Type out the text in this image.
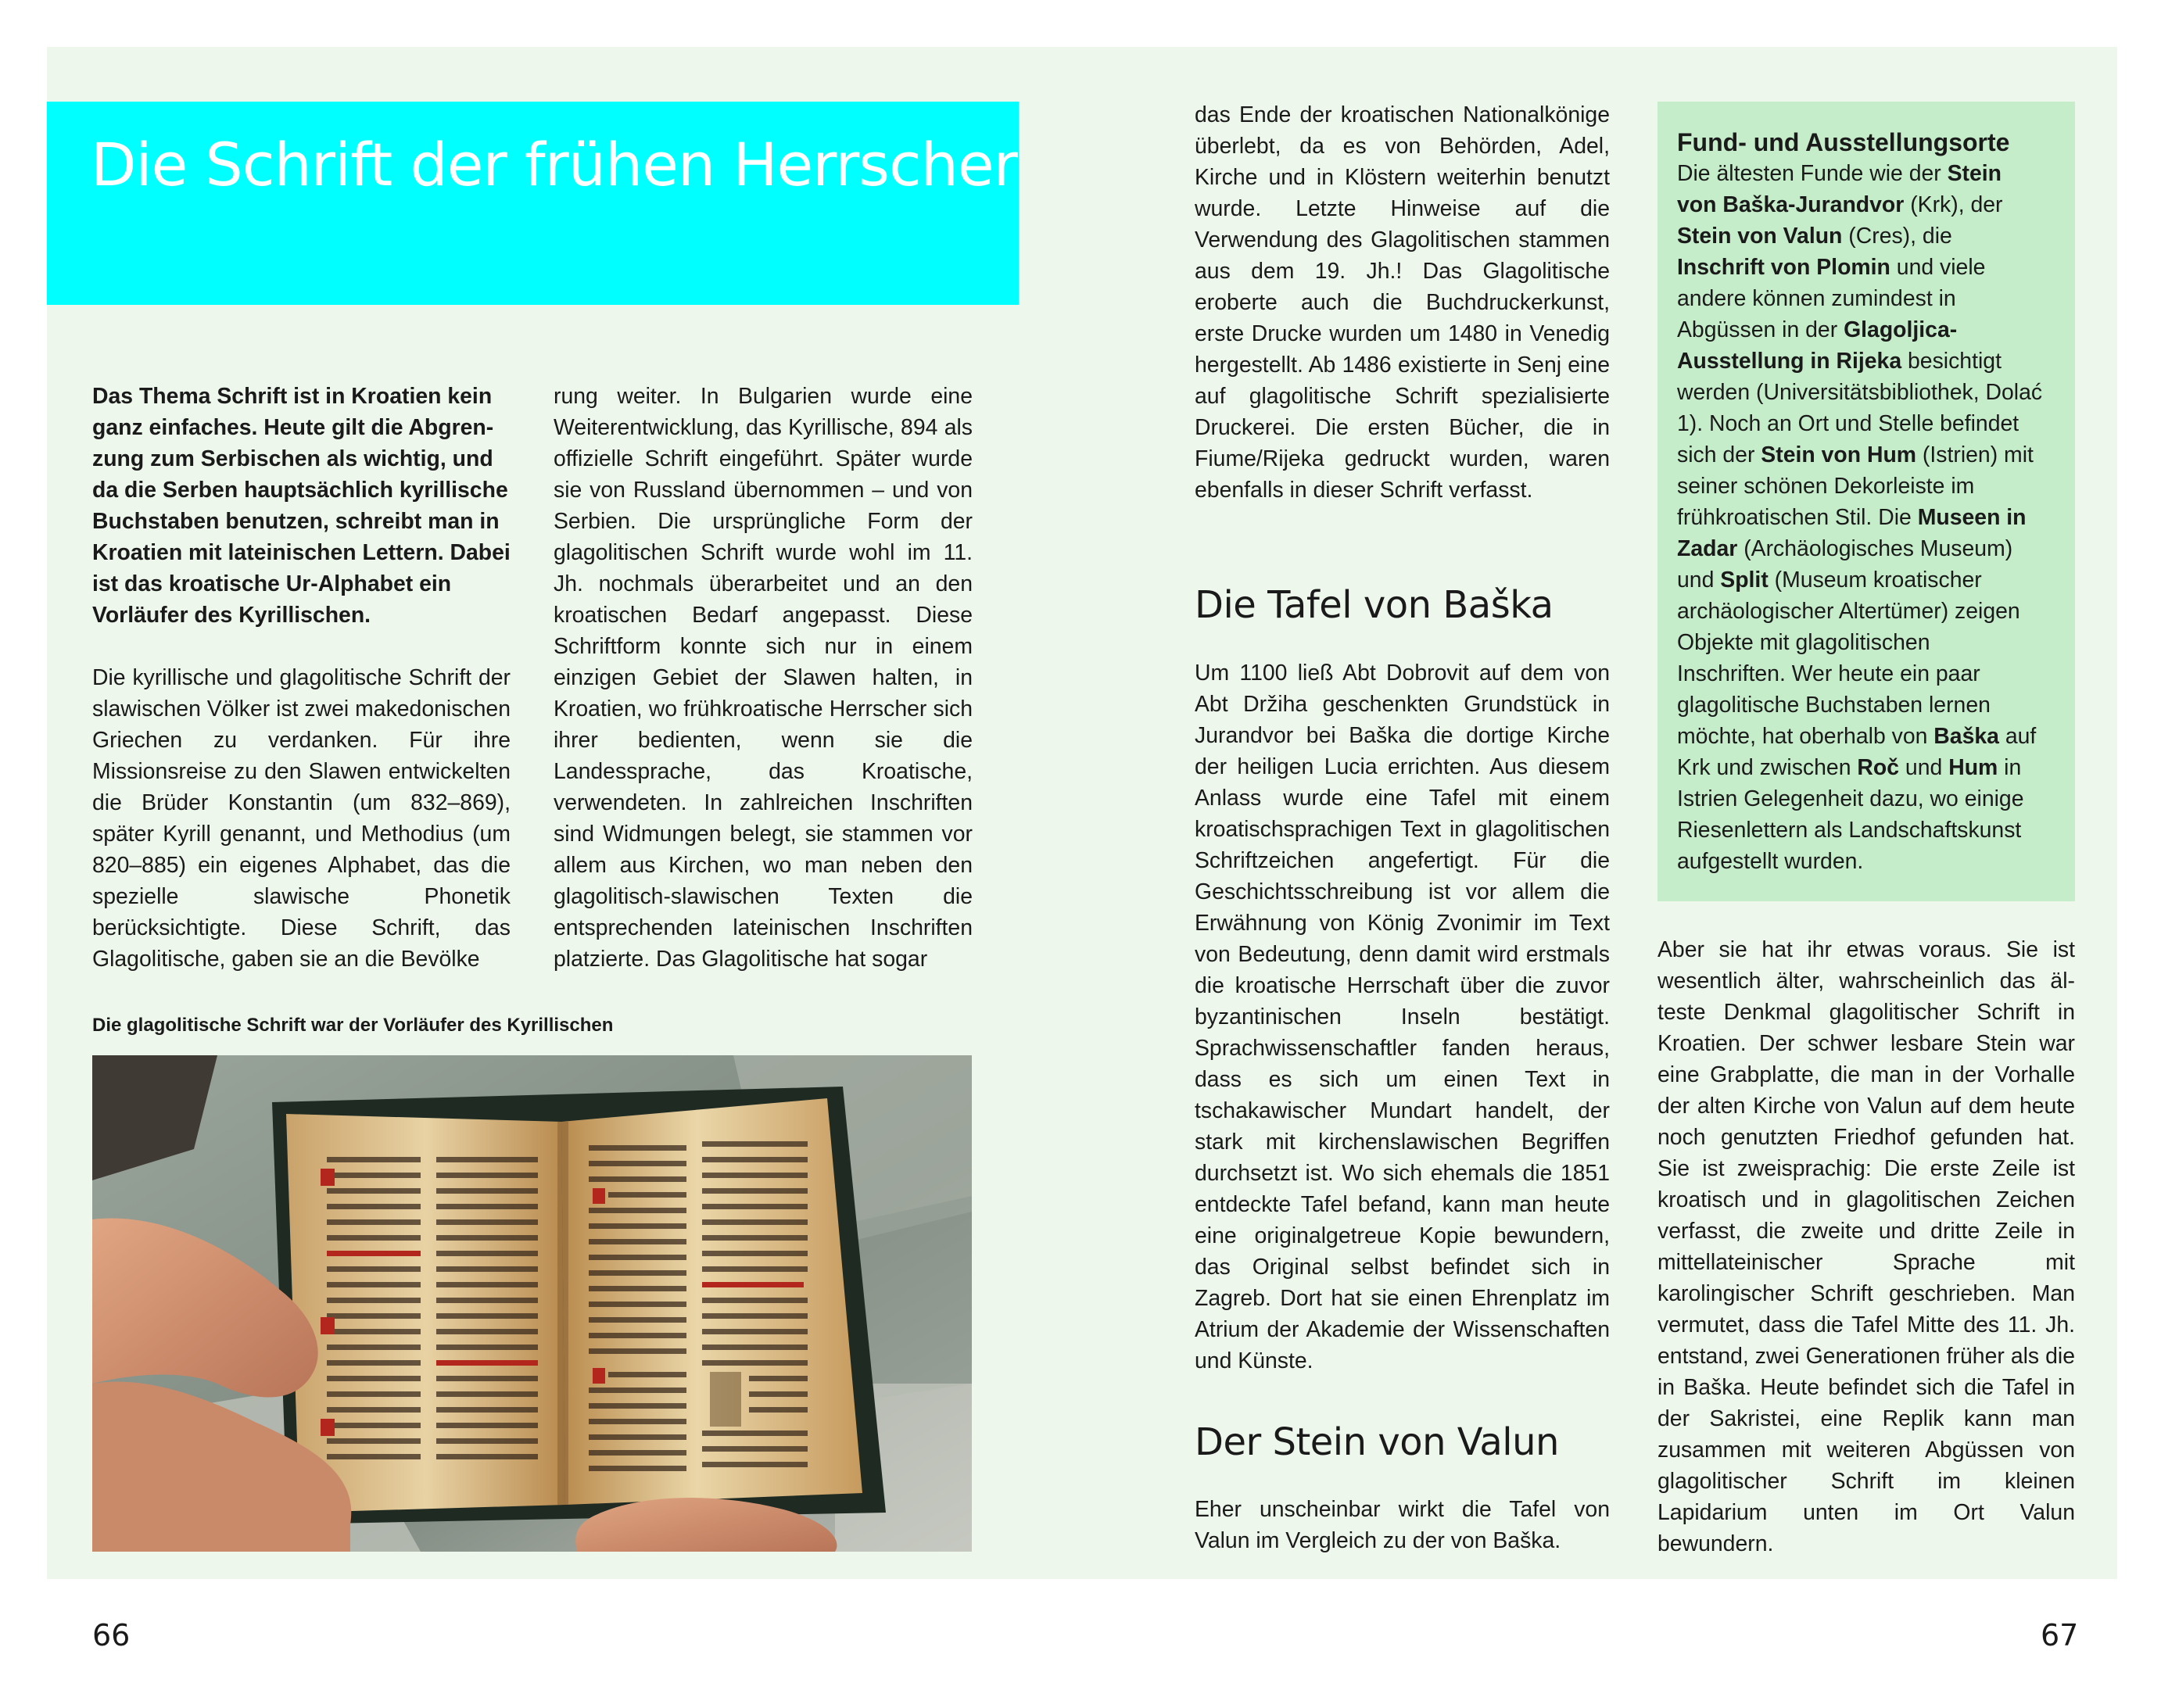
Die Schrift der frühen Herrscher

Das Thema Schrift ist in Kroatien kein ganz einfaches. Heute gilt die Abgrenzung zum Serbischen als wichtig, und da die Serben hauptsächlich kyrillische Buchstaben benutzen, schreibt man in Kroatien mit lateinischen Lettern. Dabei ist das kroatische Ur-Alphabet ein Vorläufer des Kyrillischen.

Die kyrillische und glagolitische Schrift der slawischen Völker ist zwei makedonischen Griechen zu verdanken. Für ihre Missionsreise zu den Slawen entwickelten die Brüder Konstantin (um 832–869), später Kyrill genannt, und Methodius (um 820–885) ein eigenes Alphabet, das die spezielle slawische Phonetik berücksichtigte. Diese Schrift, das Glagolitische, gaben sie an die Bevölke

rung weiter. In Bulgarien wurde eine Weiterentwicklung, das Kyrillische, 894 als offizielle Schrift eingeführt. Später wurde sie von Russland übernommen – und von Serbien. Die ursprüngliche Form der glagolitischen Schrift wurde wohl im 11. Jh. nochmals überarbeitet und an den kroatischen Bedarf angepasst. Diese Schriftform konnte sich nur in einem einzigen Gebiet der Slawen halten, in Kroatien, wo frühkroatische Herrscher sich ihrer bedienten, wenn sie die Landessprache, das Kroatische, verwendeten. In zahlreichen Inschriften sind Widmungen belegt, sie stammen vor allem aus Kirchen, wo man neben den glagolitisch-slawischen Texten die entsprechenden lateinischen Inschriften platzierte. Das Glagolitische hat sogar

das Ende der kroatischen Nationalkönige überlebt, da es von Behörden, Adel, Kirche und in Klöstern weiterhin benutzt wurde. Letzte Hinweise auf die Verwendung des Glagolitischen stammen aus dem 19. Jh.! Das Glagolitische eroberte auch die Buchdruckerkunst, erste Drucke wurden um 1480 in Venedig hergestellt. Ab 1486 existierte in Senj eine auf glagolitische Schrift spezialisierte Druckerei. Die ersten Bücher, die in Fiume/Rijeka gedruckt wurden, waren ebenfalls in dieser Schrift verfasst.

Die Tafel von Baška

Um 1100 ließ Abt Dobrovit auf dem von Abt Držiha geschenkten Grundstück in Jurandvor bei Baška die dortige Kirche der heiligen Lucia errichten. Aus diesem Anlass wurde eine Tafel mit einem kroatischsprachigen Text in glagolitischen Schriftzeichen angefertigt. Für die Geschichtsschreibung ist vor allem die Erwähnung von König Zvonimir im Text von Bedeutung, denn damit wird erstmals die kroatische Herrschaft über die zuvor byzantinischen Inseln bestätigt. Sprachwissenschaftler fanden heraus, dass es sich um einen Text in tschakawischer Mundart handelt, der stark mit kirchenslawischen Begriffen durchsetzt ist. Wo sich ehemals die 1851 entdeckte Tafel befand, kann man heute eine originalgetreue Kopie bewundern, das Original selbst befindet sich in Zagreb. Dort hat sie einen Ehrenplatz im Atrium der Akademie der Wissenschaften und Künste.

Der Stein von Valun

Eher unscheinbar wirkt die Tafel von Valun im Vergleich zu der von Baška.

Fund- und Ausstellungsorte
Die ältesten Funde wie der Stein von Baška-Jurandvor (Krk), der Stein von Valun (Cres), die Inschrift von Plomin und viele andere können zumindest in Abgüssen in der Glagoljica-Ausstellung in Rijeka besichtigt werden (Universitätsbibliothek, Dolać 1). Noch an Ort und Stelle befindet sich der Stein von Hum (Istrien) mit seiner schönen Dekorleiste im frühkroatischen Stil. Die Museen in Zadar (Archäologisches Museum) und Split (Museum kroatischer archäologischer Altertümer) zeigen Objekte mit glagolitischen Inschriften. Wer heute ein paar glagolitische Buchstaben lernen möchte, hat oberhalb von Baška auf Krk und zwischen Roč und Hum in Istrien Gelegenheit dazu, wo einige Riesenlettern als Landschaftskunst aufgestellt wurden.

Aber sie hat ihr etwas voraus. Sie ist wesentlich älter, wahrscheinlich das älteste Denkmal glagolitischer Schrift in Kroatien. Der schwer lesbare Stein war eine Grabplatte, die man in der Vorhalle der alten Kirche von Valun auf dem heute noch genutzten Friedhof gefunden hat. Sie ist zweisprachig: Die erste Zeile ist kroatisch und in glagolitischen Zeichen verfasst, die zweite und dritte Zeile in mittellateinischer Sprache mit karolingischer Schrift geschrieben. Man vermutet, dass die Tafel Mitte des 11. Jh. entstand, zwei Generationen früher als die in Baška. Heute befindet sich die Tafel in der Sakristei, eine Replik kann man zusammen mit weiteren Abgüssen von glagolitischer Schrift im kleinen Lapidarium unten im Ort Valun bewundern.

Die glagolitische Schrift war der Vorläufer des Kyrillischen
66	67
